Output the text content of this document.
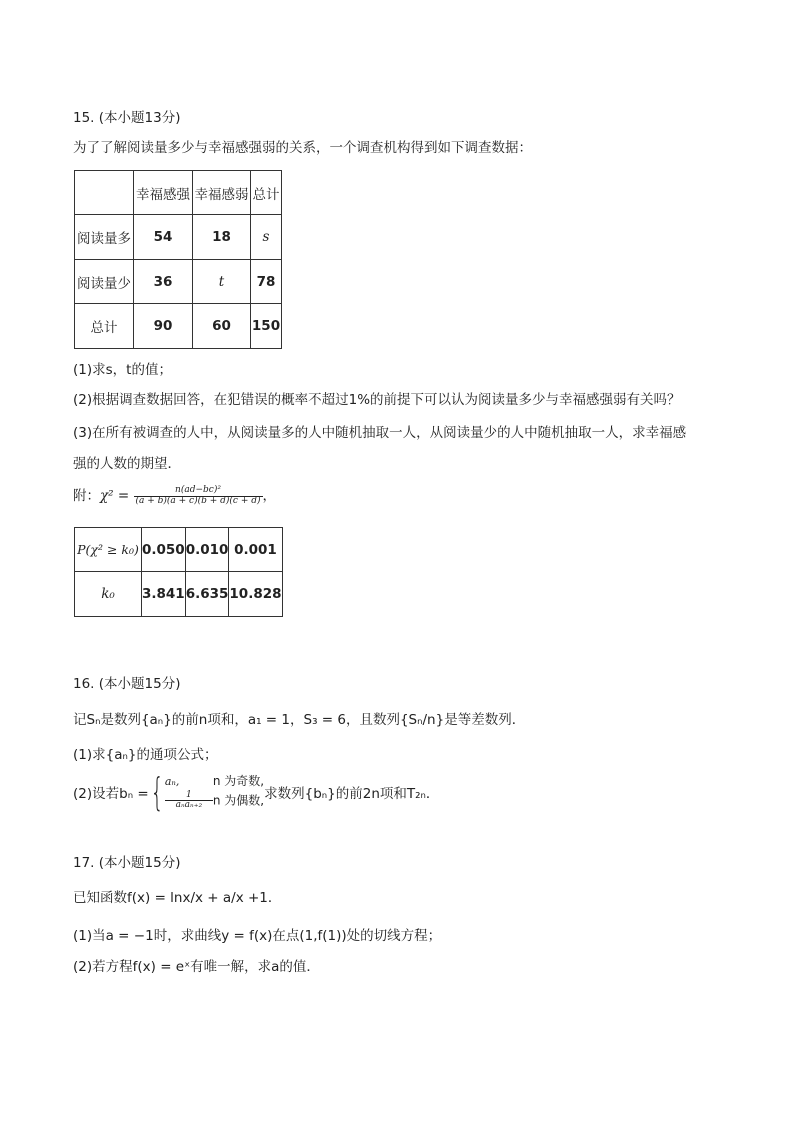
15. (本小题13分)
为了了解阅读量多少与幸福感强弱的关系，一个调查机构得到如下调查数据：
	幸福感强	幸福感弱	总计
阅读量多	54	18	s
阅读量少	36	t	78
总计	90	60	150
(1)求s，t的值；
(2)根据调查数据回答，在犯错误的概率不超过1%的前提下可以认为阅读量多少与幸福感强弱有关吗？
(3)在所有被调查的人中，从阅读量多的人中随机抽取一人，从阅读量少的人中随机抽取一人，求幸福感
强的人数的期望．
附：$\chi^2 = \frac{\text{n(ad−bc)²}}{(a + b)(a + c)(b + d)(c + d)}$ ，
P(χ² ≥ k₀)	0.050	0.010	0.001
k₀	3.841	6.635	10.828
16. (本小题15分)
记Sₙ是数列{aₙ}的前n项和，a₁ = 1，S₃ = 6，且数列{Sₙ/n}是等差数列．
(1)求{aₙ}的通项公式；
(2)设若bₙ ={ aₙ,	n 为奇数,
$\frac{1}{\text{aₙaₙ₊₂}}$ n 为偶数, 求数列{bₙ}的前2n项和T₂ₙ．
17. (本小题15分)
已知函数f(x) = lnx/x + a/x +1．
(1)当a = −1时，求曲线y = f(x)在点(1,f(1))处的切线方程；
(2)若方程f(x) = eˣ有唯一解，求a的值．
